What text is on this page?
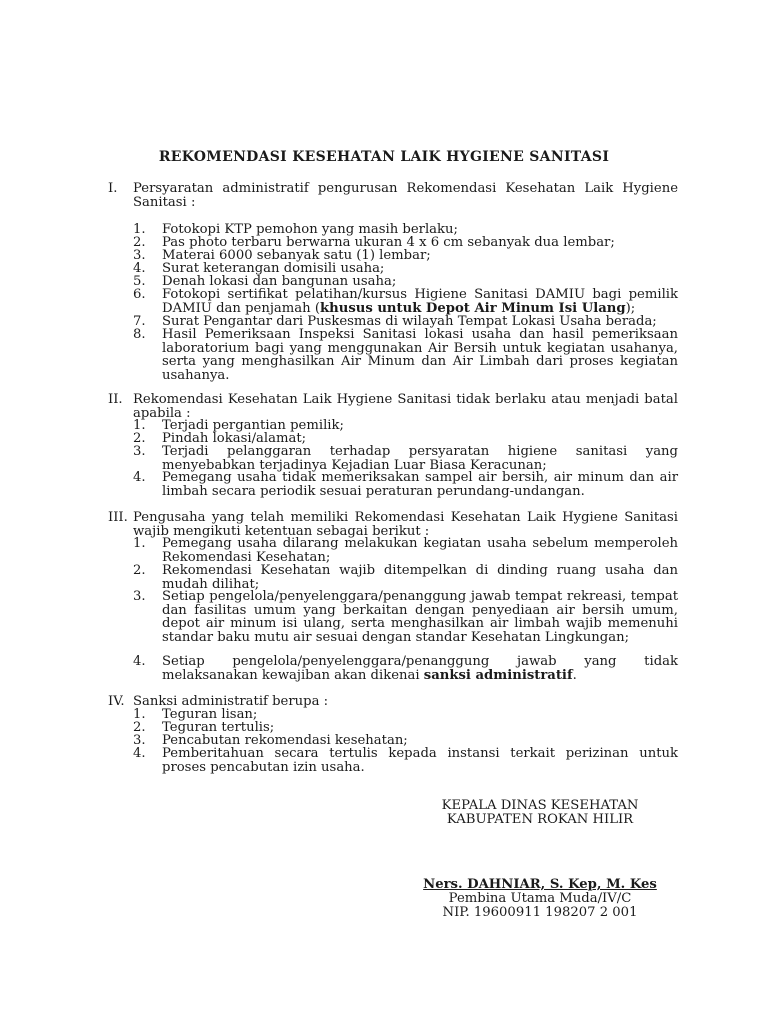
REKOMENDASI KESEHATAN LAIK HYGIENE SANITASI
I. Persyaratan administratif pengurusan Rekomendasi Kesehatan Laik Hygiene Sanitasi :
1.	Fotokopi KTP pemohon yang masih berlaku;
2.	Pas photo terbaru berwarna ukuran 4 x 6 cm sebanyak dua lembar;
3.	Materai 6000 sebanyak satu (1) lembar;
4.	Surat keterangan domisili usaha;
5.	Denah lokasi dan bangunan usaha;
6.	Fotokopi sertifikat pelatihan/kursus Higiene Sanitasi DAMIU bagi pemilik DAMIU dan penjamah (khusus untuk Depot Air Minum Isi Ulang);
7.	Surat Pengantar dari Puskesmas di wilayah Tempat Lokasi Usaha berada;
8.	Hasil Pemeriksaan Inspeksi Sanitasi lokasi usaha dan hasil pemeriksaan laboratorium bagi yang menggunakan Air Bersih untuk kegiatan usahanya, serta yang menghasilkan Air Minum dan Air Limbah dari proses kegiatan usahanya.
II. Rekomendasi Kesehatan Laik Hygiene Sanitasi tidak berlaku atau menjadi batal apabila :
1.	Terjadi pergantian pemilik;
2.	Pindah lokasi/alamat;
3.	Terjadi pelanggaran terhadap persyaratan higiene sanitasi yang menyebabkan terjadinya Kejadian Luar Biasa Keracunan;
4.	Pemegang usaha tidak memeriksakan sampel air bersih, air minum dan air limbah secara periodik sesuai peraturan perundang-undangan.
III. Pengusaha yang telah memiliki Rekomendasi Kesehatan Laik Hygiene Sanitasi wajib mengikuti ketentuan sebagai berikut :
1.	Pemegang usaha dilarang melakukan kegiatan usaha sebelum memperoleh Rekomendasi Kesehatan;
2.	Rekomendasi Kesehatan wajib ditempelkan di dinding ruang usaha dan mudah dilihat;
3.	Setiap pengelola/penyelenggara/penanggung jawab tempat rekreasi, tempat dan fasilitas umum yang berkaitan dengan penyediaan air bersih umum, depot air minum isi ulang, serta menghasilkan air limbah wajib memenuhi standar baku mutu air sesuai dengan standar Kesehatan Lingkungan;
4.	Setiap pengelola/penyelenggara/penanggung jawab yang tidak melaksanakan kewajiban akan dikenai sanksi administratif.
IV. Sanksi administratif berupa :
1.	Teguran lisan;
2.	Teguran tertulis;
3.	Pencabutan rekomendasi kesehatan;
4.	Pemberitahuan secara tertulis kepada instansi terkait perizinan untuk proses pencabutan izin usaha.
KEPALA DINAS KESEHATAN
KABUPATEN ROKAN HILIR
Ners. DAHNIAR, S. Kep, M. Kes
Pembina Utama Muda/IV/C
NIP. 19600911 198207 2 001
